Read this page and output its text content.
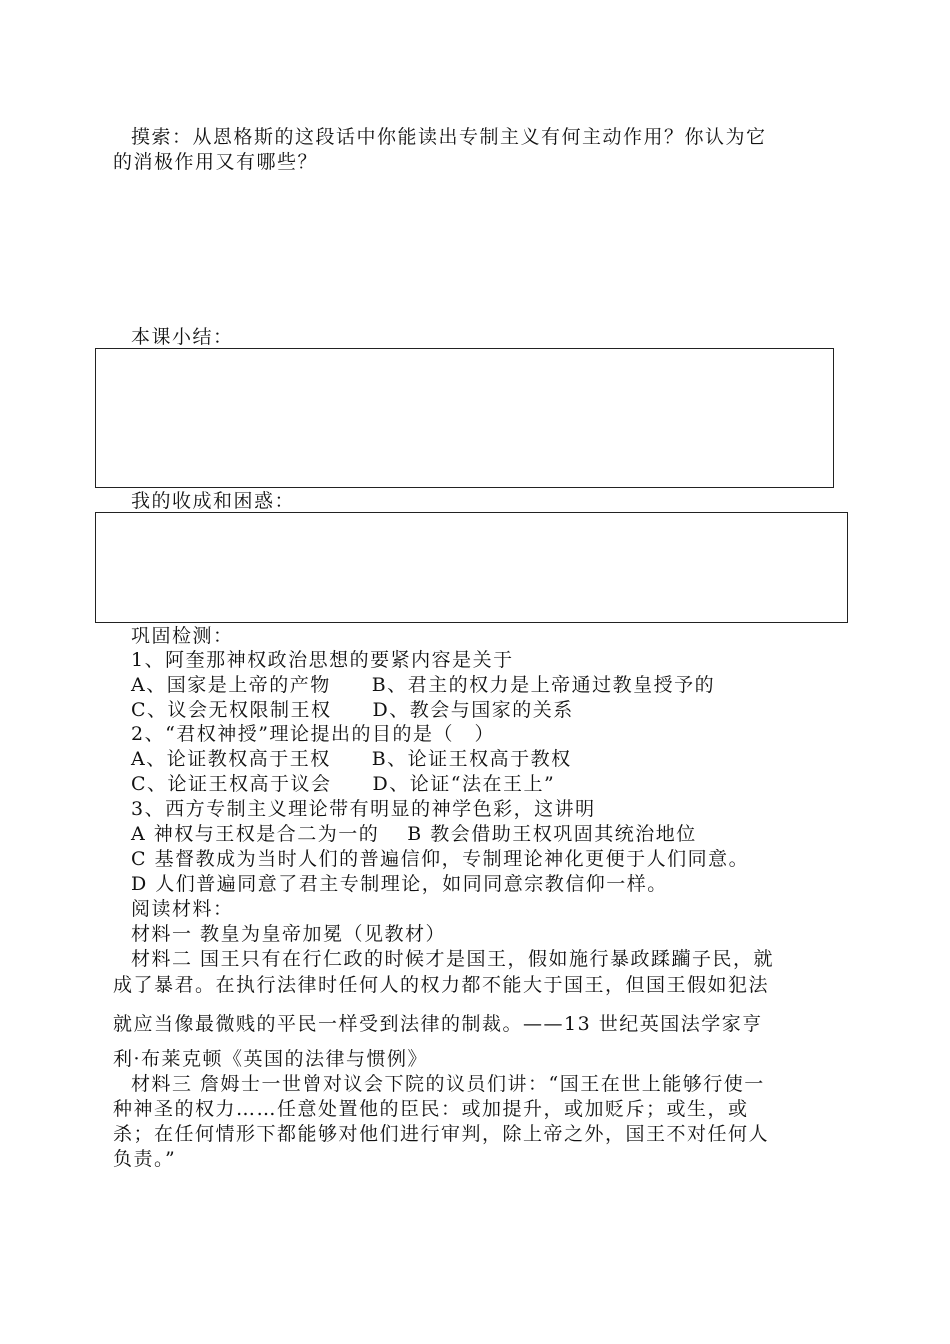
摸索：从恩格斯的这段话中你能读出专制主义有何主动作用？你认为它
的消极作用又有哪些？
本课小结：
我的收成和困惑：
巩固检测：
1、阿奎那神权政治思想的要紧内容是关于
A、国家是上帝的产物　　B、君主的权力是上帝通过教皇授予的
C、议会无权限制王权　　D、教会与国家的关系
2、“君权神授”理论提出的目的是（　）
A、论证教权高于王权　　B、论证王权高于教权
C、论证王权高于议会　　D、论证“法在王上”
3、西方专制主义理论带有明显的神学色彩，这讲明
A 神权与王权是合二为一的　 B 教会借助王权巩固其统治地位
C 基督教成为当时人们的普遍信仰，专制理论神化更便于人们同意。
D 人们普遍同意了君主专制理论，如同同意宗教信仰一样。
阅读材料：
材料一 教皇为皇帝加冕（见教材）
材料二 国王只有在行仁政的时候才是国王，假如施行暴政蹂躏子民，就
成了暴君。在执行法律时任何人的权力都不能大于国王，但国王假如犯法
就应当像最微贱的平民一样受到法律的制裁。——13 世纪英国法学家亨
利·布莱克顿《英国的法律与惯例》
材料三 詹姆士一世曾对议会下院的议员们讲：“国王在世上能够行使一
种神圣的权力……任意处置他的臣民：或加提升，或加贬斥；或生，或
杀；在任何情形下都能够对他们进行审判，除上帝之外，国王不对任何人
负责。”
